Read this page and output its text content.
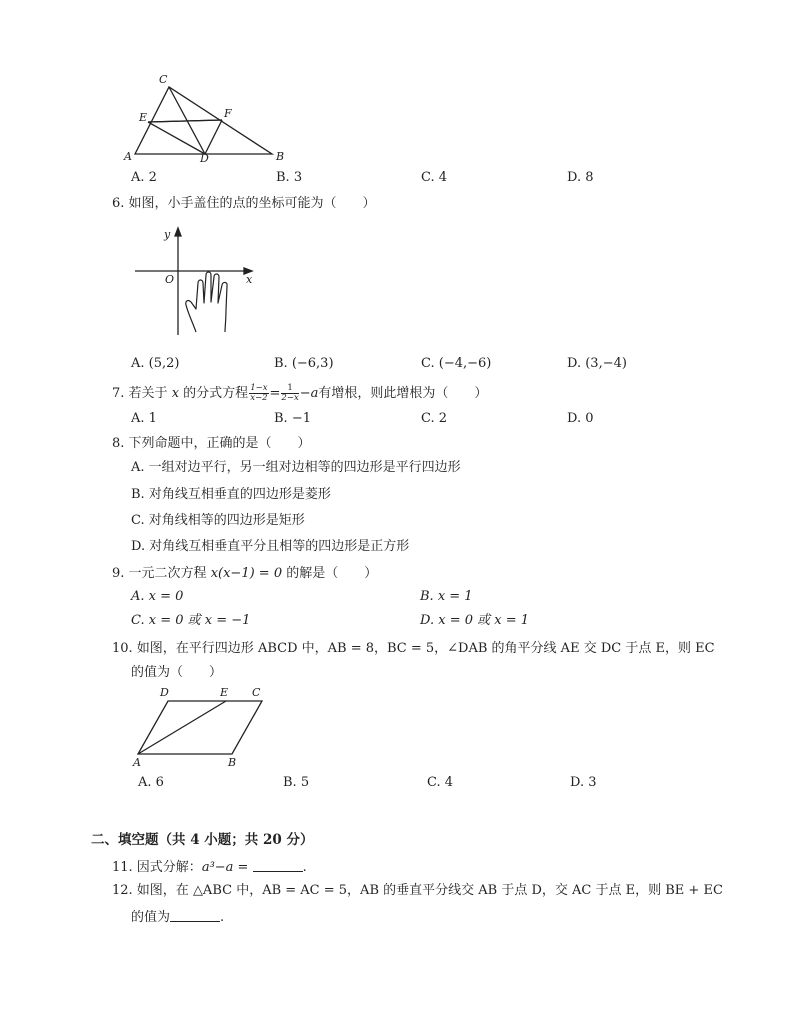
C
E	F
A	D	B
A. 2	B. 3	C. 4	D. 8
6. 如图，小手盖住的点的坐标可能为（　　）
y
x
O
A. (5,2)	B. (−6,3)	C. (−4,−6)	D. (3,−4)
7. 若关于 x 的分式方程 $\frac{1-x}{x-2} = \frac{1}{2-x} -a$有增根，则此增根为（　　）
A. 1	B. −1	C. 2	D. 0
8. 下列命题中，正确的是（　　）
A. 一组对边平行，另一组对边相等的四边形是平行四边形
B. 对角线互相垂直的四边形是菱形
C. 对角线相等的四边形是矩形
D. 对角线互相垂直平分且相等的四边形是正方形
9. 一元二次方程 x(x−1) = 0 的解是（　　）
A. x = 0	B. x = 1
C. x = 0 或 x = −1	D. x = 0 或 x = 1
10. 如图，在平行四边形 ABCD 中，AB = 8，BC = 5，∠DAB 的角平分线 AE 交 DC 于点 E，则 EC
的值为（　　）
D	E C
A	B
A. 6	B. 5	C. 4	D. 3
二、填空题（共 4 小题；共 20 分）
11. 因式分解：a³−a =	.
12. 如图，在 △ABC 中，AB = AC = 5，AB 的垂直平分线交 AB 于点 D，交 AC 于点 E，则 BE + EC
的值为	.
